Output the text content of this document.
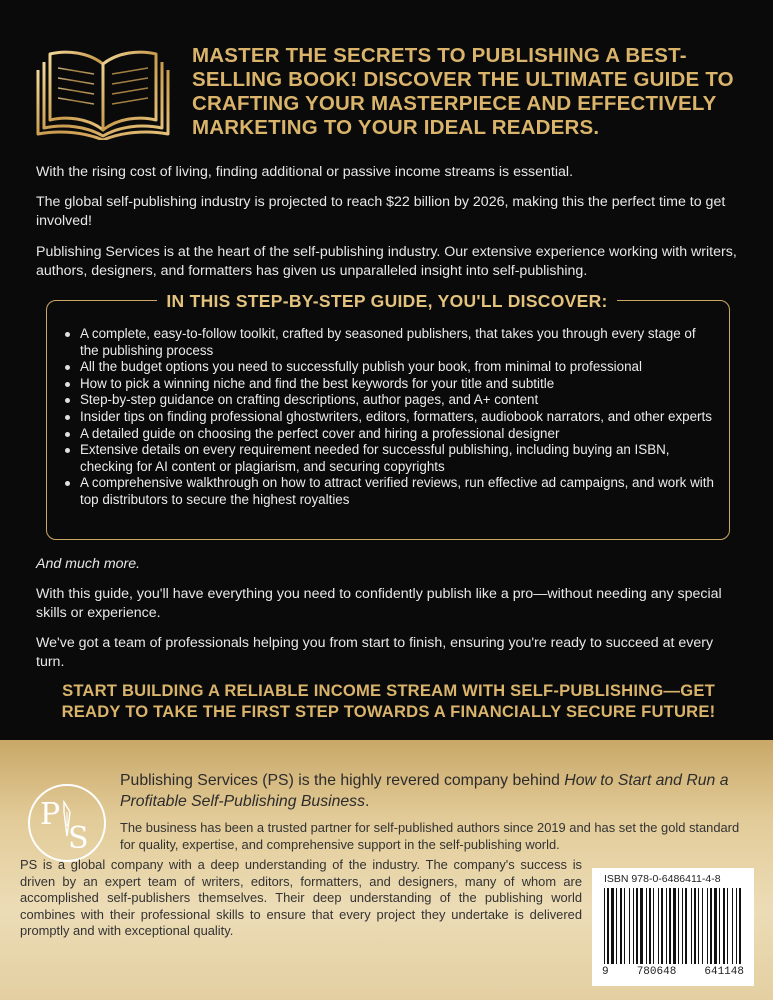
MASTER THE SECRETS TO PUBLISHING A BEST-SELLING BOOK! DISCOVER THE ULTIMATE GUIDE TO CRAFTING YOUR MASTERPIECE AND EFFECTIVELY MARKETING TO YOUR IDEAL READERS.
With the rising cost of living, finding additional or passive income streams is essential.
The global self-publishing industry is projected to reach $22 billion by 2026, making this the perfect time to get involved!
Publishing Services is at the heart of the self-publishing industry. Our extensive experience working with writers, authors, designers, and formatters has given us unparalleled insight into self-publishing.
IN THIS STEP-BY-STEP GUIDE, YOU'LL DISCOVER:
A complete, easy-to-follow toolkit, crafted by seasoned publishers, that takes you through every stage of the publishing process
All the budget options you need to successfully publish your book, from minimal to professional
How to pick a winning niche and find the best keywords for your title and subtitle
Step-by-step guidance on crafting descriptions, author pages, and A+ content
Insider tips on finding professional ghostwriters, editors, formatters, audiobook narrators, and other experts
A detailed guide on choosing the perfect cover and hiring a professional designer
Extensive details on every requirement needed for successful publishing, including buying an ISBN, checking for AI content or plagiarism, and securing copyrights
A comprehensive walkthrough on how to attract verified reviews, run effective ad campaigns, and work with top distributors to secure the highest royalties
And much more.
With this guide, you'll have everything you need to confidently publish like a pro—without needing any special skills or experience.
We've got a team of professionals helping you from start to finish, ensuring you're ready to succeed at every turn.
START BUILDING A RELIABLE INCOME STREAM WITH SELF-PUBLISHING—GET READY TO TAKE THE FIRST STEP TOWARDS A FINANCIALLY SECURE FUTURE!
P
S
Publishing Services (PS) is the highly revered company behind How to Start and Run a Profitable Self-Publishing Business.
The business has been a trusted partner for self-published authors since 2019 and has set the gold standard for quality, expertise, and comprehensive support in the self-publishing world.
PS is a global company with a deep understanding of the industry. The company's success is driven by an expert team of writers, editors, formatters, and designers, many of whom are accomplished self-publishers themselves. Their deep understanding of the publishing world combines with their professional skills to ensure that every project they undertake is delivered promptly and with exceptional quality.
ISBN 978-0-6486411-4-8
9	780648	641148
